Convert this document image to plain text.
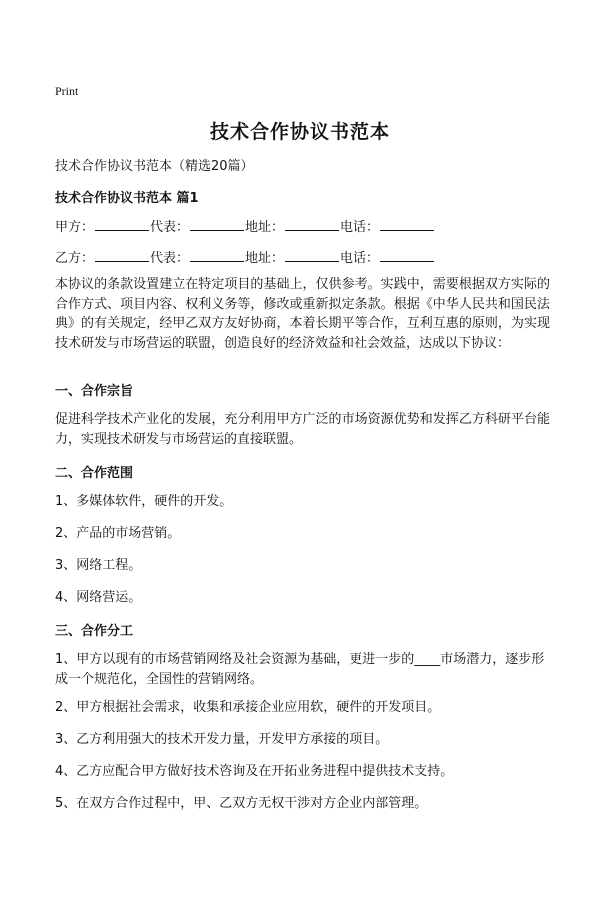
Print
技术合作协议书范本
技术合作协议书范本（精选20篇）
技术合作协议书范本 篇1
甲方：	代表：	地址：	电话：
乙方：	代表：	地址：	电话：
本协议的条款设置建立在特定项目的基础上，仅供参考。实践中，需要根据双方实际的合作方式、项目内容、权利义务等，修改或重新拟定条款。根据《中华人民共和国民法典》的有关规定，经甲乙双方友好协商，本着长期平等合作，互利互惠的原则，为实现技术研发与市场营运的联盟，创造良好的经济效益和社会效益，达成以下协议：
一、合作宗旨
促进科学技术产业化的发展，充分利用甲方广泛的市场资源优势和发挥乙方科研平台能力，实现技术研发与市场营运的直接联盟。
二、合作范围
1、多媒体软件，硬件的开发。
2、产品的市场营销。
3、网络工程。
4、网络营运。
三、合作分工
1、甲方以现有的市场营销网络及社会资源为基础，更进一步的____市场潜力，逐步形成一个规范化，全国性的营销网络。
2、甲方根据社会需求，收集和承接企业应用软，硬件的开发项目。
3、乙方利用强大的技术开发力量，开发甲方承接的项目。
4、乙方应配合甲方做好技术咨询及在开拓业务进程中提供技术支持。
5、在双方合作过程中，甲、乙双方无权干涉对方企业内部管理。
